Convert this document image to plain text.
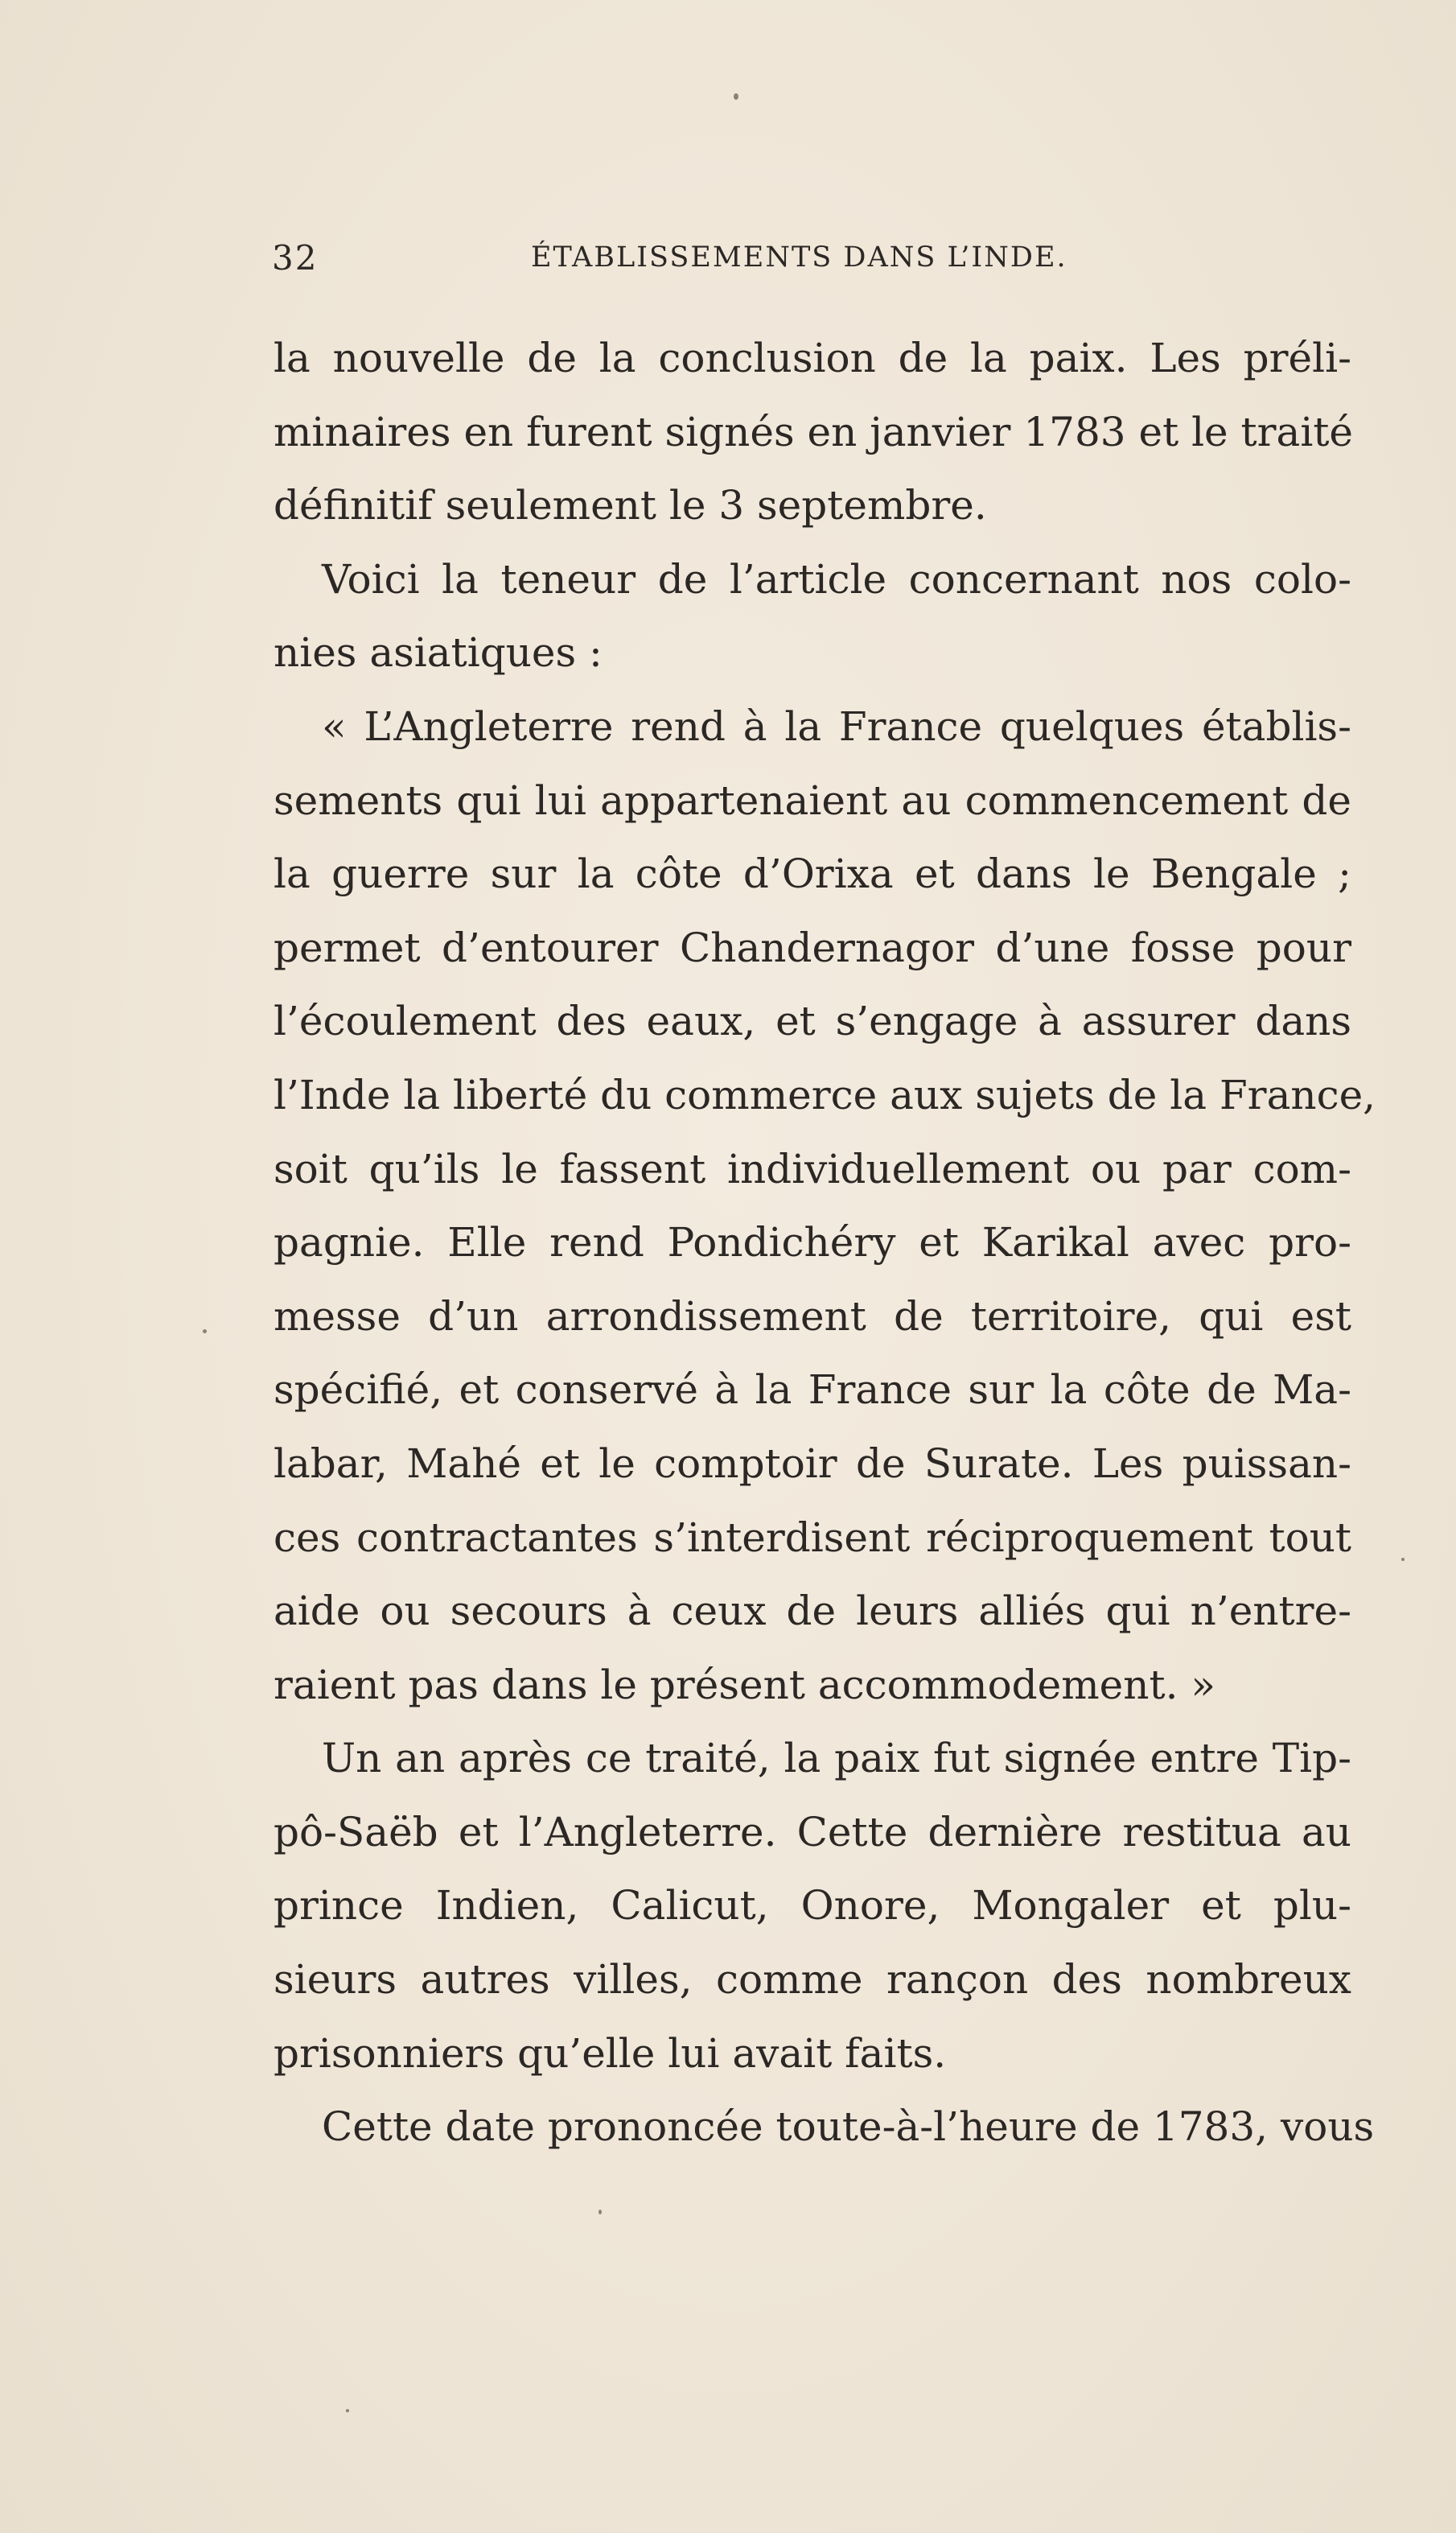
32	ÉTABLISSEMENTS DANS L’INDE.
la nouvelle de la conclusion de la paix. Les préli-
minaires en furent signés en janvier 1783 et le traité
définitif seulement le 3 septembre.
Voici la teneur de l’article concernant nos colo-
nies asiatiques :
« L’Angleterre rend à la France quelques établis-
sements qui lui appartenaient au commencement de
la guerre sur la côte d’Orixa et dans le Bengale ;
permet d’entourer Chandernagor d’une fosse pour
l’écoulement des eaux, et s’engage à assurer dans
l’Inde la liberté du commerce aux sujets de la France,
soit qu’ils le fassent individuellement ou par com-
pagnie. Elle rend Pondichéry et Karikal avec pro-
messe d’un arrondissement de territoire, qui est
spécifié, et conservé à la France sur la côte de Ma-
labar, Mahé et le comptoir de Surate. Les puissan-
ces contractantes s’interdisent réciproquement tout
aide ou secours à ceux de leurs alliés qui n’entre-
raient pas dans le présent accommodement. »
Un an après ce traité, la paix fut signée entre Tip-
pô-Saëb et l’Angleterre. Cette dernière restitua au
prince Indien, Calicut, Onore, Mongaler et plu-
sieurs autres villes, comme rançon des nombreux
prisonniers qu’elle lui avait faits.
Cette date prononcée toute-à-l’heure de 1783, vous
